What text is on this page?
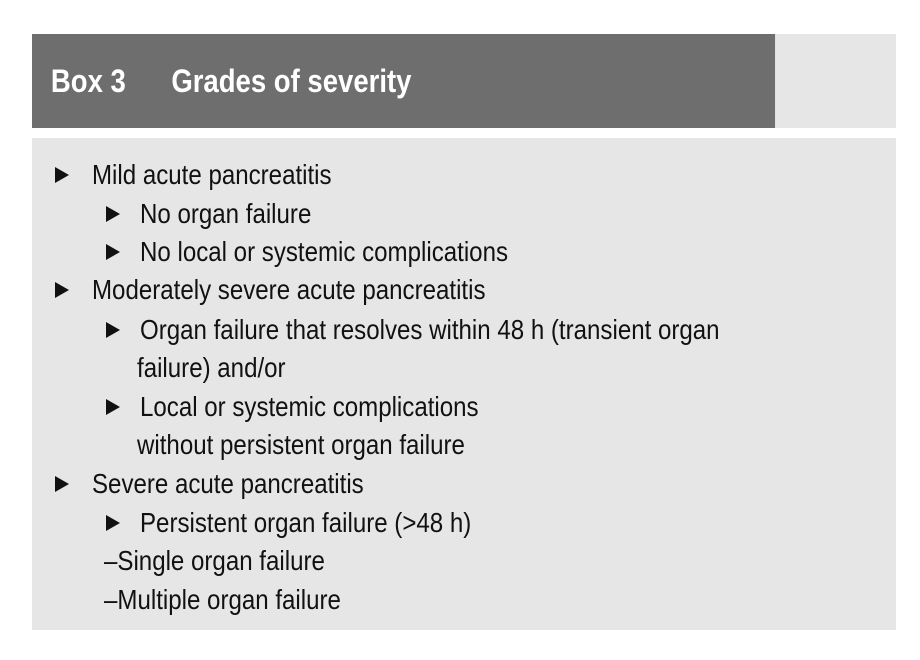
Box 3 Grades of severity
Mild acute pancreatitis
No organ failure
No local or systemic complications
Moderately severe acute pancreatitis
Organ failure that resolves within 48 h (transient organ
failure) and/or
Local or systemic complications
without persistent organ failure
Severe acute pancreatitis
Persistent organ failure (>48 h)
–Single organ failure
–Multiple organ failure
